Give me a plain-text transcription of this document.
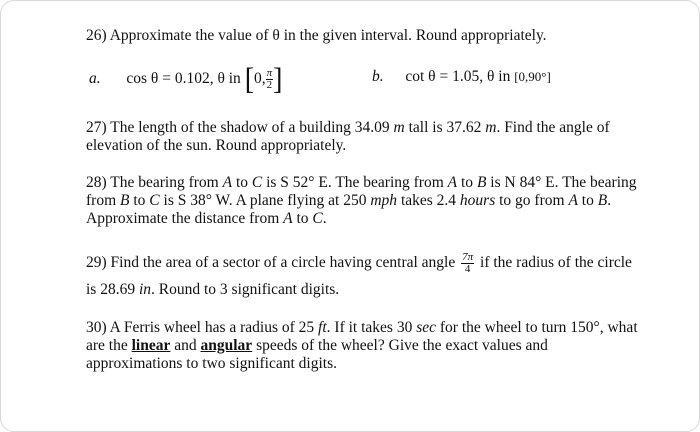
26) Approximate the value of θ in the given interval. Round appropriately.
a. cos θ = 0.102, θ in [0, $\frac{\pi}{2}$ ]	b. cot θ = 1.05, θ in [0,90°]
27) The length of the shadow of a building 34.09 m tall is 37.62 m. Find the angle of
elevation of the sun. Round appropriately.
28) The bearing from A to C is S 52° E. The bearing from A to B is N 84° E. The bearing
from B to C is S 38° W. A plane flying at 250 mph takes 2.4 hours to go from A to B.
Approximate the distance from A to C.
29) Find the area of a sector of a circle having central angle $\frac{7\pi}{4}$ if the radius of the circle
is 28.69 in. Round to 3 significant digits.
30) A Ferris wheel has a radius of 25 ft. If it takes 30 sec for the wheel to turn 150°, what
are the linear and angular speeds of the wheel? Give the exact values and
approximations to two significant digits.
